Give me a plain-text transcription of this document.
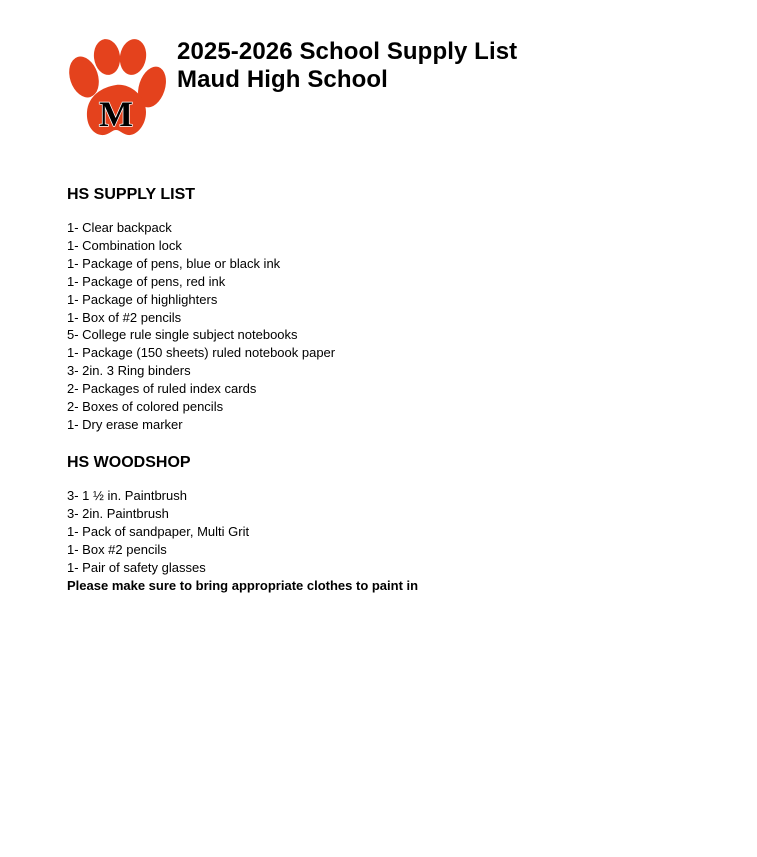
M
2025-2026 School Supply List
Maud High School
HS SUPPLY LIST
1- Clear backpack
1- Combination lock
1- Package of pens, blue or black ink
1- Package of pens, red ink
1- Package of highlighters
1- Box of #2 pencils
5- College rule single subject notebooks
1- Package (150 sheets) ruled notebook paper
3- 2in. 3 Ring binders
2- Packages of ruled index cards
2- Boxes of colored pencils
1- Dry erase marker
HS WOODSHOP
3- 1 ½ in. Paintbrush
3- 2in. Paintbrush
1- Pack of sandpaper, Multi Grit
1- Box #2 pencils
1- Pair of safety glasses
Please make sure to bring appropriate clothes to paint in
